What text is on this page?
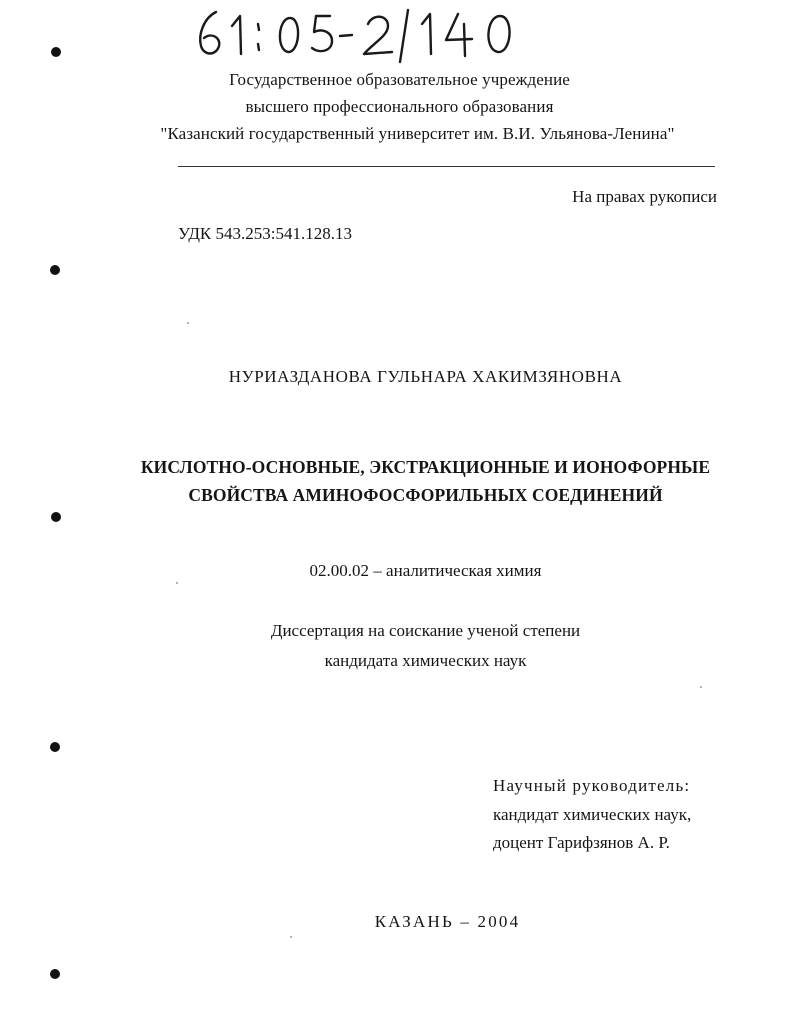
Государственное образовательное учреждение
высшего профессионального образования
"Казанский государственный университет им. В.И. Ульянова-Ленина"
На правах рукописи
УДК 543.253:541.128.13
НУРИАЗДАНОВА ГУЛЬНАРА ХАКИМЗЯНОВНА
КИСЛОТНО-ОСНОВНЫЕ, ЭКСТРАКЦИОННЫЕ И ИОНОФОРНЫЕ
СВОЙСТВА АМИНОФОСФОРИЛЬНЫХ СОЕДИНЕНИЙ
02.00.02 – аналитическая химия
Диссертация на соискание ученой степени
кандидата химических наук
Научный руководитель:
кандидат химических наук,
доцент Гарифзянов А. Р.
КАЗАНЬ – 2004
